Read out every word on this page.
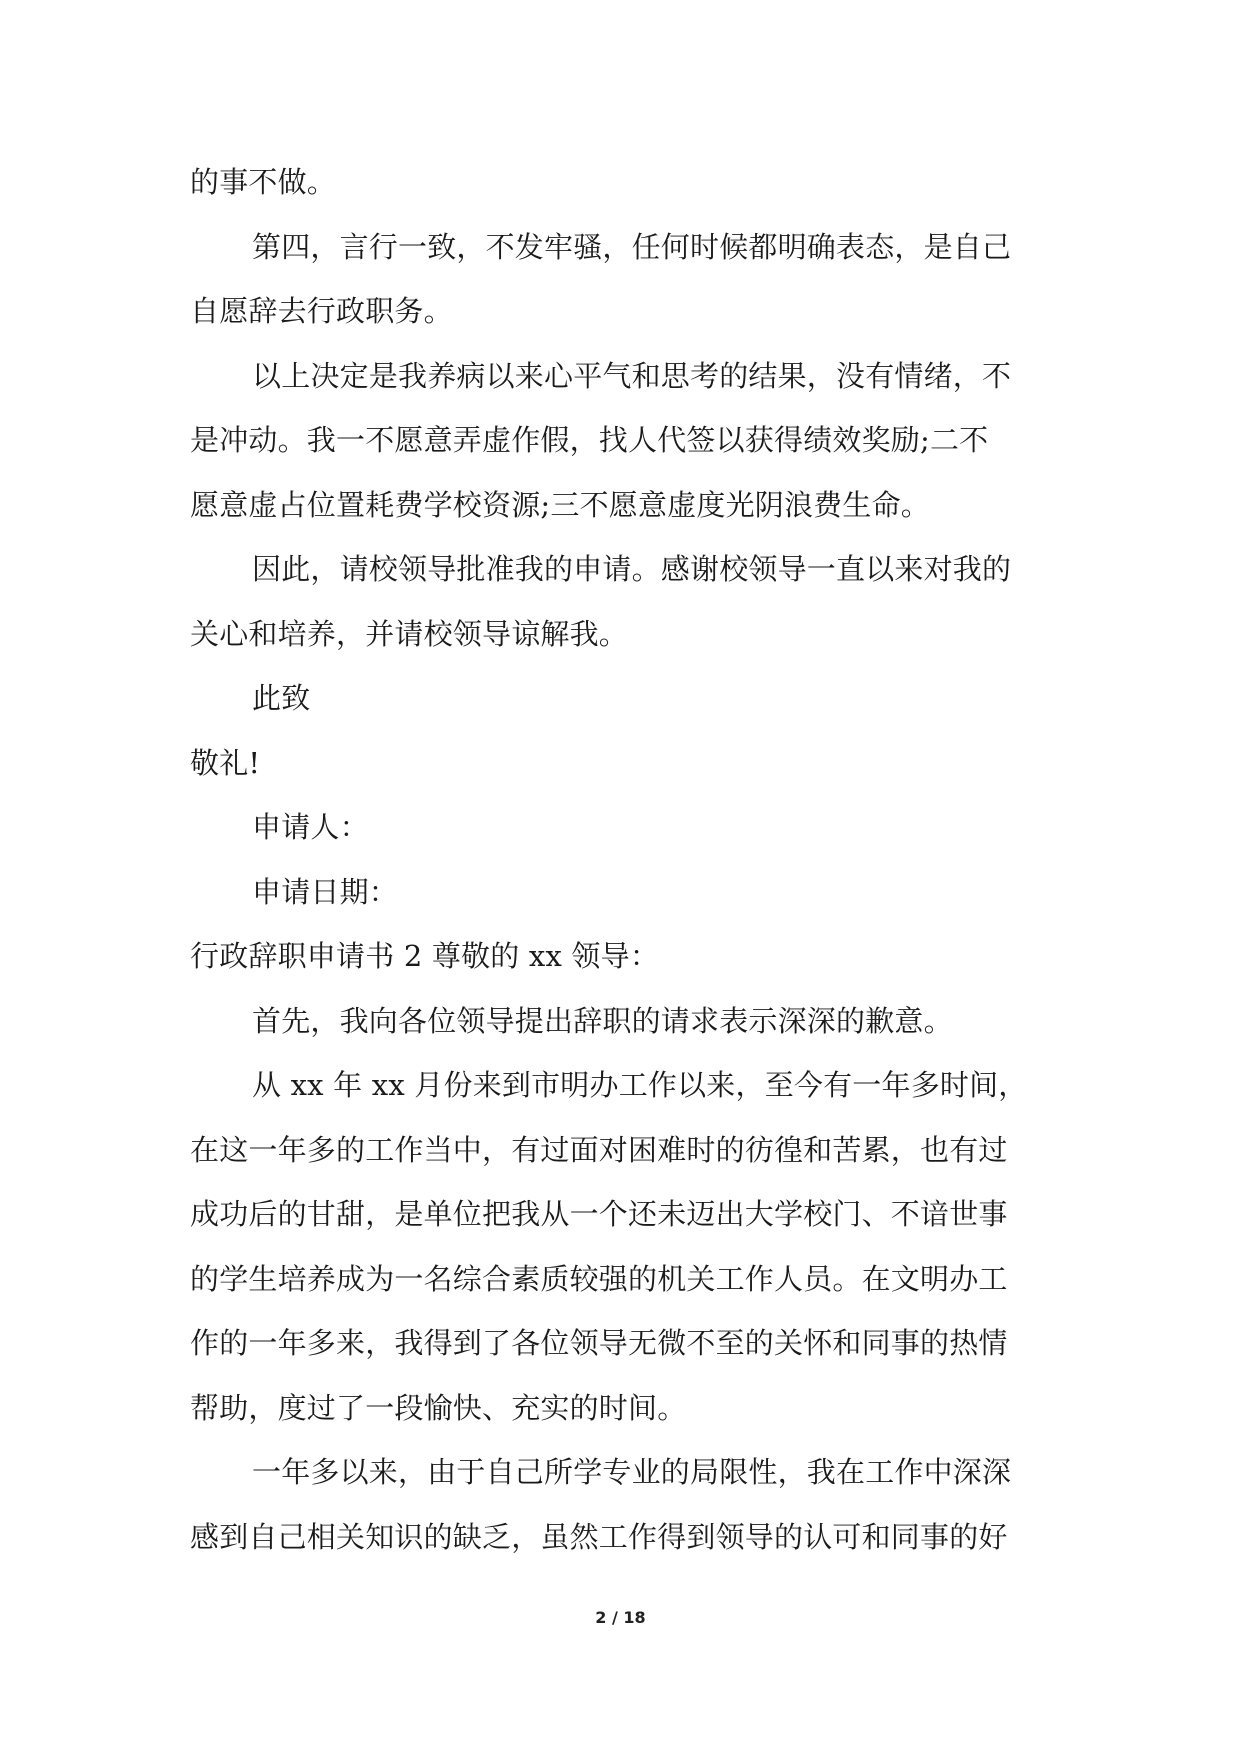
的事不做。
第四，言行一致，不发牢骚，任何时候都明确表态，是自己
自愿辞去行政职务。
以上决定是我养病以来心平气和思考的结果，没有情绪，不
是冲动。我一不愿意弄虚作假，找人代签以获得绩效奖励;二不
愿意虚占位置耗费学校资源;三不愿意虚度光阴浪费生命。
因此，请校领导批准我的申请。感谢校领导一直以来对我的
关心和培养，并请校领导谅解我。
此致
敬礼!
申请人：
申请日期：
行政辞职申请书 2 尊敬的 xx 领导：
首先，我向各位领导提出辞职的请求表示深深的歉意。
从 xx 年 xx 月份来到市明办工作以来，至今有一年多时间，
在这一年多的工作当中，有过面对困难时的彷徨和苦累，也有过
成功后的甘甜，是单位把我从一个还未迈出大学校门、不谙世事
的学生培养成为一名综合素质较强的机关工作人员。在文明办工
作的一年多来，我得到了各位领导无微不至的关怀和同事的热情
帮助，度过了一段愉快、充实的时间。
一年多以来，由于自己所学专业的局限性，我在工作中深深
感到自己相关知识的缺乏，虽然工作得到领导的认可和同事的好
2 / 18
